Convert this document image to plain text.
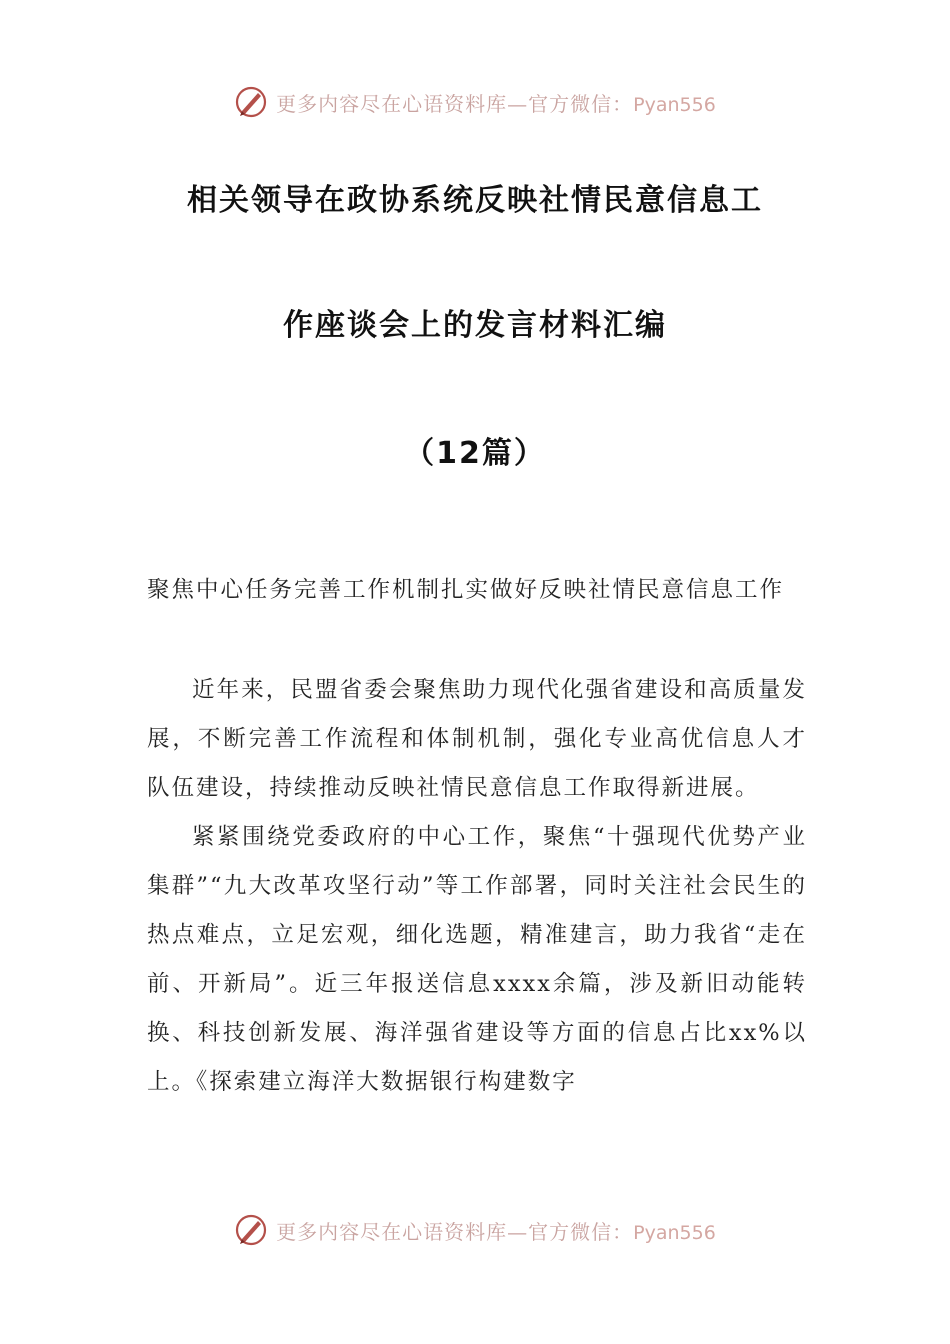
更多内容尽在心语资料库—官方微信：Pyan556
相关领导在政协系统反映社情民意信息工
作座谈会上的发言材料汇编
（12篇）
聚焦中心任务完善工作机制扎实做好反映社情民意信息工作

近年来，民盟省委会聚焦助力现代化强省建设和高质量发展，不断完善工作流程和体制机制，强化专业高优信息人才队伍建设，持续推动反映社情民意信息工作取得新进展。

紧紧围绕党委政府的中心工作，聚焦“十强现代优势产业集群”“九大改革攻坚行动”等工作部署，同时关注社会民生的热点难点，立足宏观，细化选题，精准建言，助力我省“走在前、开新局”。近三年报送信息xxxx余篇，涉及新旧动能转换、科技创新发展、海洋强省建设等方面的信息占比xx%以上。《探索建立海洋大数据银行构建数字

更多内容尽在心语资料库—官方微信：Pyan556
